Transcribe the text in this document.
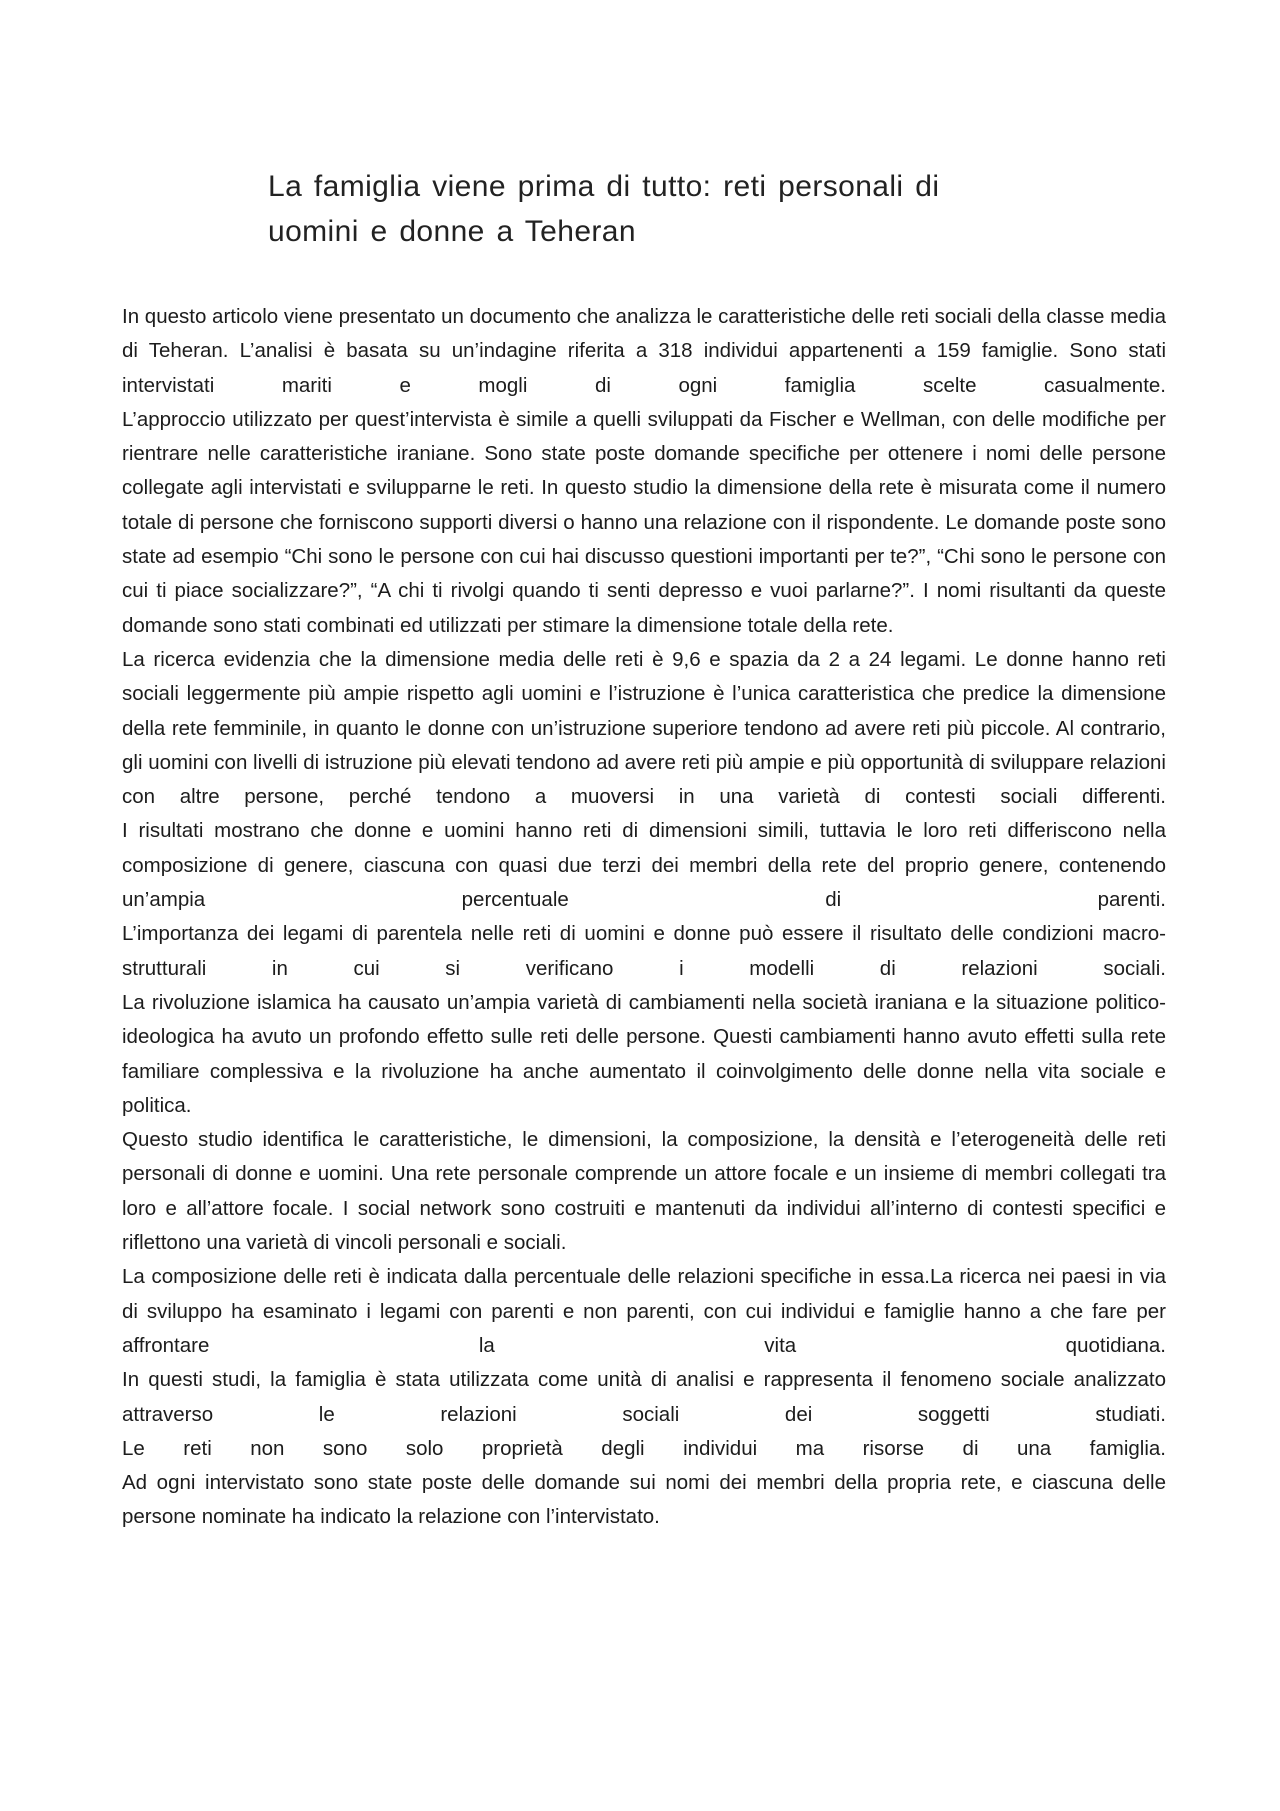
La famiglia viene prima di tutto: reti personali di uomini e donne a Teheran

In questo articolo viene presentato un documento che analizza le caratteristiche delle reti sociali della classe media di Teheran. L’analisi è basata su un’indagine riferita a 318 individui appartenenti a 159 famiglie. Sono stati intervistati mariti e mogli di ogni famiglia scelte casualmente.

L’approccio utilizzato per quest’intervista è simile a quelli sviluppati da Fischer e Wellman, con delle modifiche per rientrare nelle caratteristiche iraniane. Sono state poste domande specifiche per ottenere i nomi delle persone collegate agli intervistati e svilupparne le reti. In questo studio la dimensione della rete è misurata come il numero totale di persone che forniscono supporti diversi o hanno una relazione con il rispondente. Le domande poste sono state ad esempio “Chi sono le persone con cui hai discusso questioni importanti per te?”, “Chi sono le persone con cui ti piace socializzare?”, “A chi ti rivolgi quando ti senti depresso e vuoi parlarne?”. I nomi risultanti da queste domande sono stati combinati ed utilizzati per stimare la dimensione totale della rete.

La ricerca evidenzia che la dimensione media delle reti è 9,6 e spazia da 2 a 24 legami. Le donne hanno reti sociali leggermente più ampie rispetto agli uomini e l’istruzione è l’unica caratteristica che predice la dimensione della rete femminile, in quanto le donne con un’istruzione superiore tendono ad avere reti più piccole. Al contrario, gli uomini con livelli di istruzione più elevati tendono ad avere reti più ampie e più opportunità di sviluppare relazioni con altre persone, perché tendono a muoversi in una varietà di contesti sociali differenti.

I risultati mostrano che donne e uomini hanno reti di dimensioni simili, tuttavia le loro reti differiscono nella composizione di genere, ciascuna con quasi due terzi dei membri della rete del proprio genere, contenendo un’ampia percentuale di parenti.

L’importanza dei legami di parentela nelle reti di uomini e donne può essere il risultato delle condizioni macro-strutturali in cui si verificano i modelli di relazioni sociali.

La rivoluzione islamica ha causato un’ampia varietà di cambiamenti nella società iraniana e la situazione politico-ideologica ha avuto un profondo effetto sulle reti delle persone. Questi cambiamenti hanno avuto effetti sulla rete familiare complessiva e la rivoluzione ha anche aumentato il coinvolgimento delle donne nella vita sociale e politica.

Questo studio identifica le caratteristiche, le dimensioni, la composizione, la densità e l’eterogeneità delle reti personali di donne e uomini. Una rete personale comprende un attore focale e un insieme di membri collegati tra loro e all’attore focale. I social network sono costruiti e mantenuti da individui all’interno di contesti specifici e riflettono una varietà di vincoli personali e sociali.

La composizione delle reti è indicata dalla percentuale delle relazioni specifiche in essa.La ricerca nei paesi in via di sviluppo ha esaminato i legami con parenti e non parenti, con cui individui e famiglie hanno a che fare per affrontare la vita quotidiana.

In questi studi, la famiglia è stata utilizzata come unità di analisi e rappresenta il fenomeno sociale analizzato attraverso le relazioni sociali dei soggetti studiati.

Le reti non sono solo proprietà degli individui ma risorse di una famiglia.

Ad ogni intervistato sono state poste delle domande sui nomi dei membri della propria rete, e ciascuna delle persone nominate ha indicato la relazione con l’intervistato.
